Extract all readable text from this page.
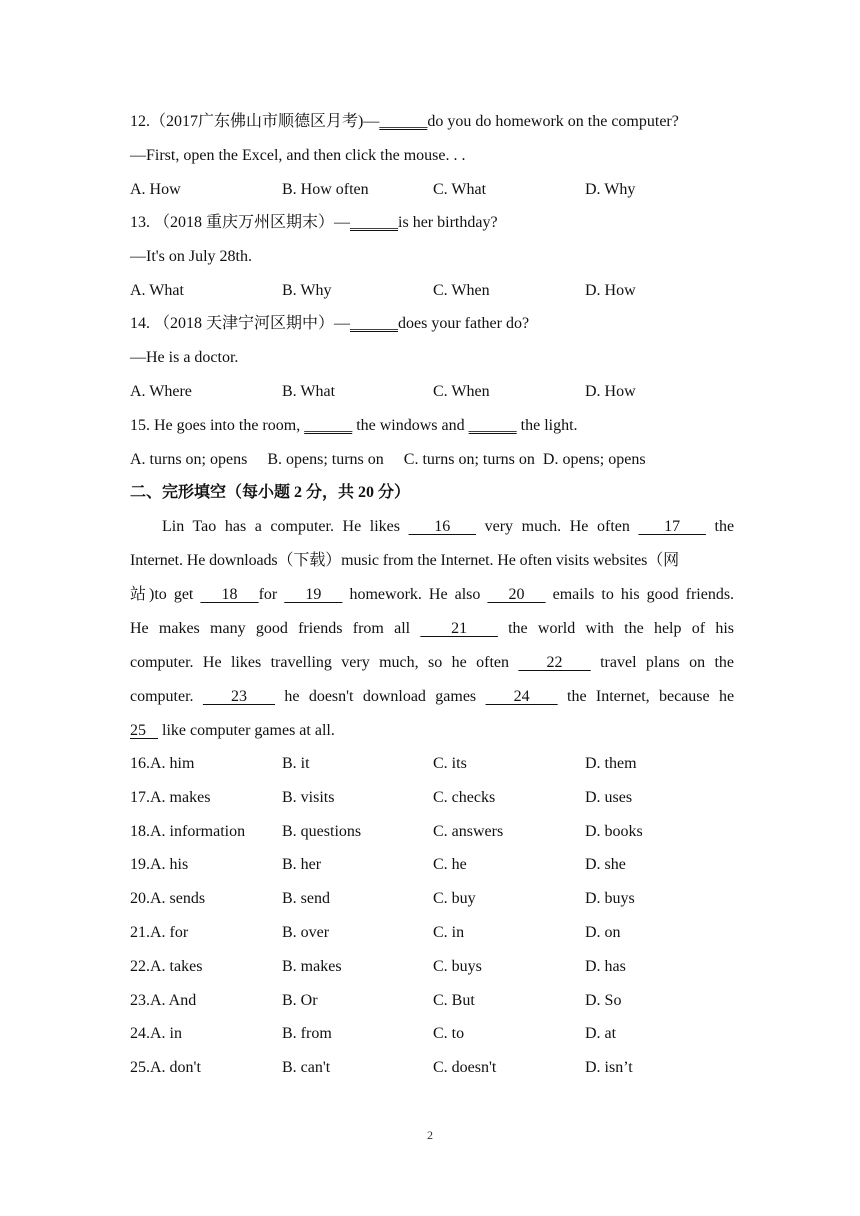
12.（2017广东佛山市顺德区月考)—______do you do homework on the computer?
—First, open the Excel, and then click the mouse. . .
A. How	B. How often	C. What	D. Why
13. （2018 重庆万州区期末）—______is her birthday?
—It's on July 28th.
A. What	B. Why	C. When	D. How
14. （2018 天津宁河区期中）—______does your father do?
—He is a doctor.
A. Where	B. What	C. When	D. How
15. He goes into the room, ______ the windows and ______ the light.
A. turns on; opens     B. opens; turns on     C. turns on; turns on  D. opens; opens
二、完形填空（每小题 2 分，共 20 分）
Lin Tao has a computer. He likes    16    very much. He often    17    the
Internet. He downloads（下载）music from the Internet. He often visits websites（网
站)to get    18   for    19    homework. He also    20    emails to his good friends.
He makes many good friends from all    21    the world with the help of his
computer. He likes travelling very much, so he often    22    travel plans on the
computer.    23    he doesn't download games    24    the Internet, because he
25    like computer games at all.
16.A. him	B. it	C. its	D. them
17.A. makes	B. visits	C. checks	D. uses
18.A. information B. questions	C. answers	D. books
19.A. his	B. her	C. he	D. she
20.A. sends	B. send	C. buy	D. buys
21.A. for	B. over	C. in	D. on
22.A. takes	B. makes	C. buys	D. has
23.A. And	B. Or	C. But	D. So
24.A. in	B. from	C. to	D. at
25.A. don't	B. can't	C. doesn't	D. isn’t
2
